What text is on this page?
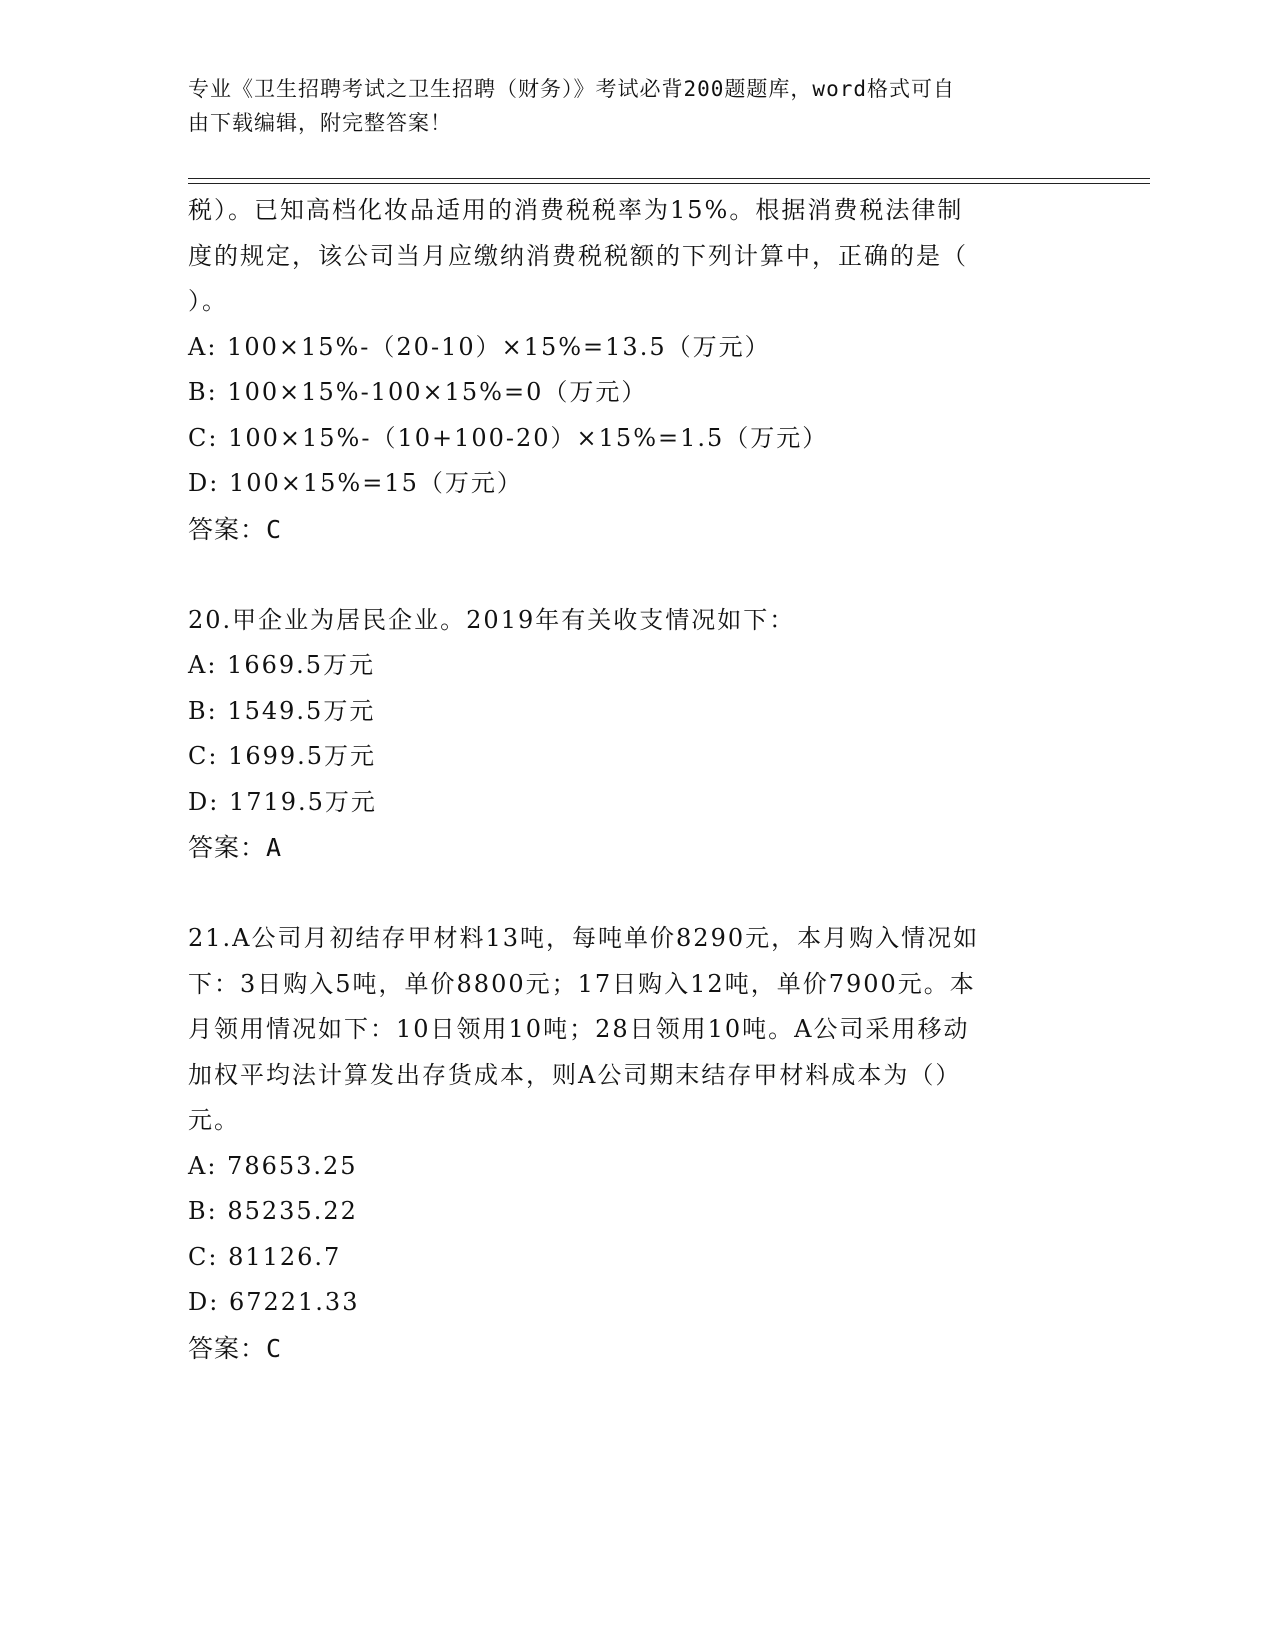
专业《卫生招聘考试之卫生招聘（财务）》考试必背200题题库，word格式可自

由下载编辑，附完整答案！

税）。已知高档化妆品适用的消费税税率为15%。根据消费税法律制
度的规定，该公司当月应缴纳消费税税额的下列计算中，正确的是（
）。
A: 100×15%-（20-10）×15%=13.5（万元）
B: 100×15%-100×15%=0（万元）
C: 100×15%-（10+100-20）×15%=1.5（万元）
D: 100×15%=15（万元）
答案：C
20.甲企业为居民企业。2019年有关收支情况如下：
A: 1669.5万元
B: 1549.5万元
C: 1699.5万元
D: 1719.5万元
答案：A
21.A公司月初结存甲材料13吨，每吨单价8290元，本月购入情况如
下：3日购入5吨，单价8800元；17日购入12吨，单价7900元。本
月领用情况如下：10日领用10吨；28日领用10吨。A公司采用移动
加权平均法计算发出存货成本，则A公司期末结存甲材料成本为（）
元。
A: 78653.25
B: 85235.22
C: 81126.7
D: 67221.33
答案：C
